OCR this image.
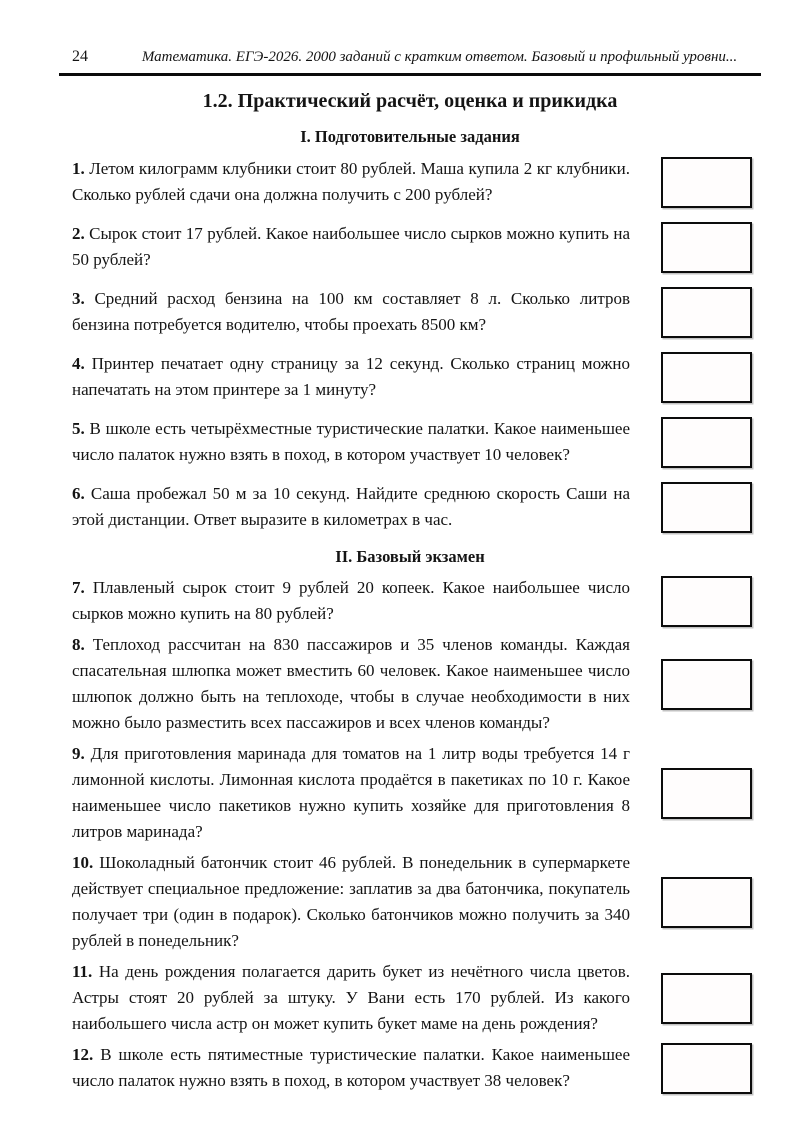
24	Математика. ЕГЭ-2026. 2000 заданий с кратким ответом. Базовый и профильный уровни...
1.2. Практический расчёт, оценка и прикидка
I. Подготовительные задания

1. Летом килограмм клубники стоит 80 рублей. Маша купила 2 кг клубники. Сколько рублей сдачи она должна получить с 200 рублей?

2. Сырок стоит 17 рублей. Какое наибольшее число сырков можно купить на 50 рублей?

3. Средний расход бензина на 100 км составляет 8 л. Сколько литров бензина потребуется водителю, чтобы проехать 8500 км?

4. Принтер печатает одну страницу за 12 секунд. Сколько страниц можно напечатать на этом принтере за 1 минуту?

5. В школе есть четырёхместные туристические палатки. Какое наименьшее число палаток нужно взять в поход, в котором участвует 10 человек?

6. Саша пробежал 50 м за 10 секунд. Найдите среднюю скорость Саши на этой дистанции. Ответ выразите в километрах в час.

II. Базовый экзамен

7. Плавленый сырок стоит 9 рублей 20 копеек. Какое наибольшее число сырков можно купить на 80 рублей?

8. Теплоход рассчитан на 830 пассажиров и 35 членов команды. Каждая спасательная шлюпка может вместить 60 человек. Какое наименьшее число шлюпок должно быть на теплоходе, чтобы в случае необходимости в них можно было разместить всех пассажиров и всех членов команды?

9. Для приготовления маринада для томатов на 1 литр воды требуется 14 г лимонной кислоты. Лимонная кислота продаётся в пакетиках по 10 г. Какое наименьшее число пакетиков нужно купить хозяйке для приготовления 8 литров маринада?

10. Шоколадный батончик стоит 46 рублей. В понедельник в супермаркете действует специальное предложение: заплатив за два батончика, покупатель получает три (один в подарок). Сколько батончиков можно получить за 340 рублей в понедельник?

11. На день рождения полагается дарить букет из нечётного числа цветов. Астры стоят 20 рублей за штуку. У Вани есть 170 рублей. Из какого наибольшего числа астр он может купить букет маме на день рождения?

12. В школе есть пятиместные туристические палатки. Какое наименьшее число палаток нужно взять в поход, в котором участвует 38 человек?
